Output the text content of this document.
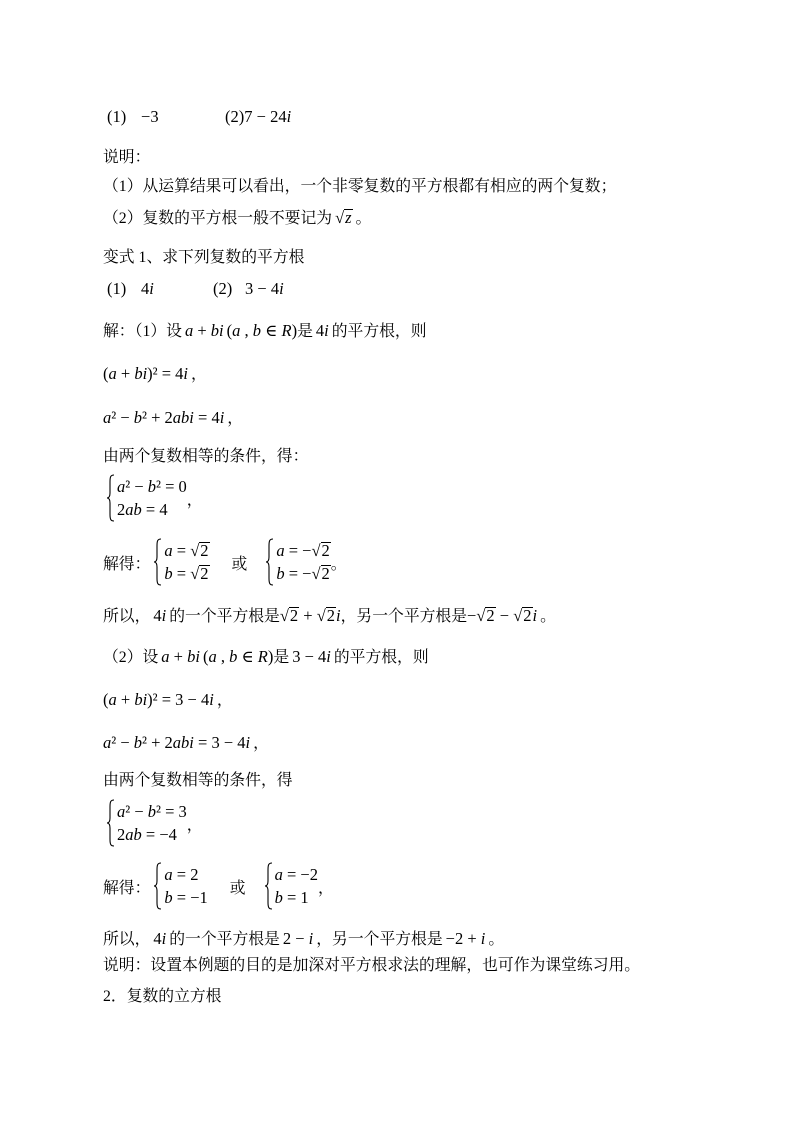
(1) −3	(2)7 − 24i
说明：
（1）从运算结果可以看出，一个非零复数的平方根都有相应的两个复数；
（2）复数的平方根一般不要记为 √z 。
变式 1、求下列复数的平方根
(1) 4i	(2) 3 − 4i
解：（1）设 a + bi (a , b ∈ R)是 4i 的平方根，则
(a + bi)² = 4i ，
a² − b² + 2abi = 4i ，
由两个复数相等的条件，得：
a² − b² = 0
2ab = 4	，
解得：
a = √2
b = √2 或
a = −√2
b = −√2 。
所以， 4i 的一个平方根是√2 + √2i，另一个平方根是−√2 − √2i 。
（2）设 a + bi (a , b ∈ R)是 3 − 4i 的平方根，则
(a + bi)² = 3 − 4i ，
a² − b² + 2abi = 3 − 4i ，
由两个复数相等的条件，得
a² − b² = 3
2ab = −4 ，
解得：
a = 2
b = −1 或
a = −2
b = 1 ，
所以， 4i 的一个平方根是 2 − i ，另一个平方根是 −2 + i 。
说明：设置本例题的目的是加深对平方根求法的理解，也可作为课堂练习用。
2．复数的立方根
